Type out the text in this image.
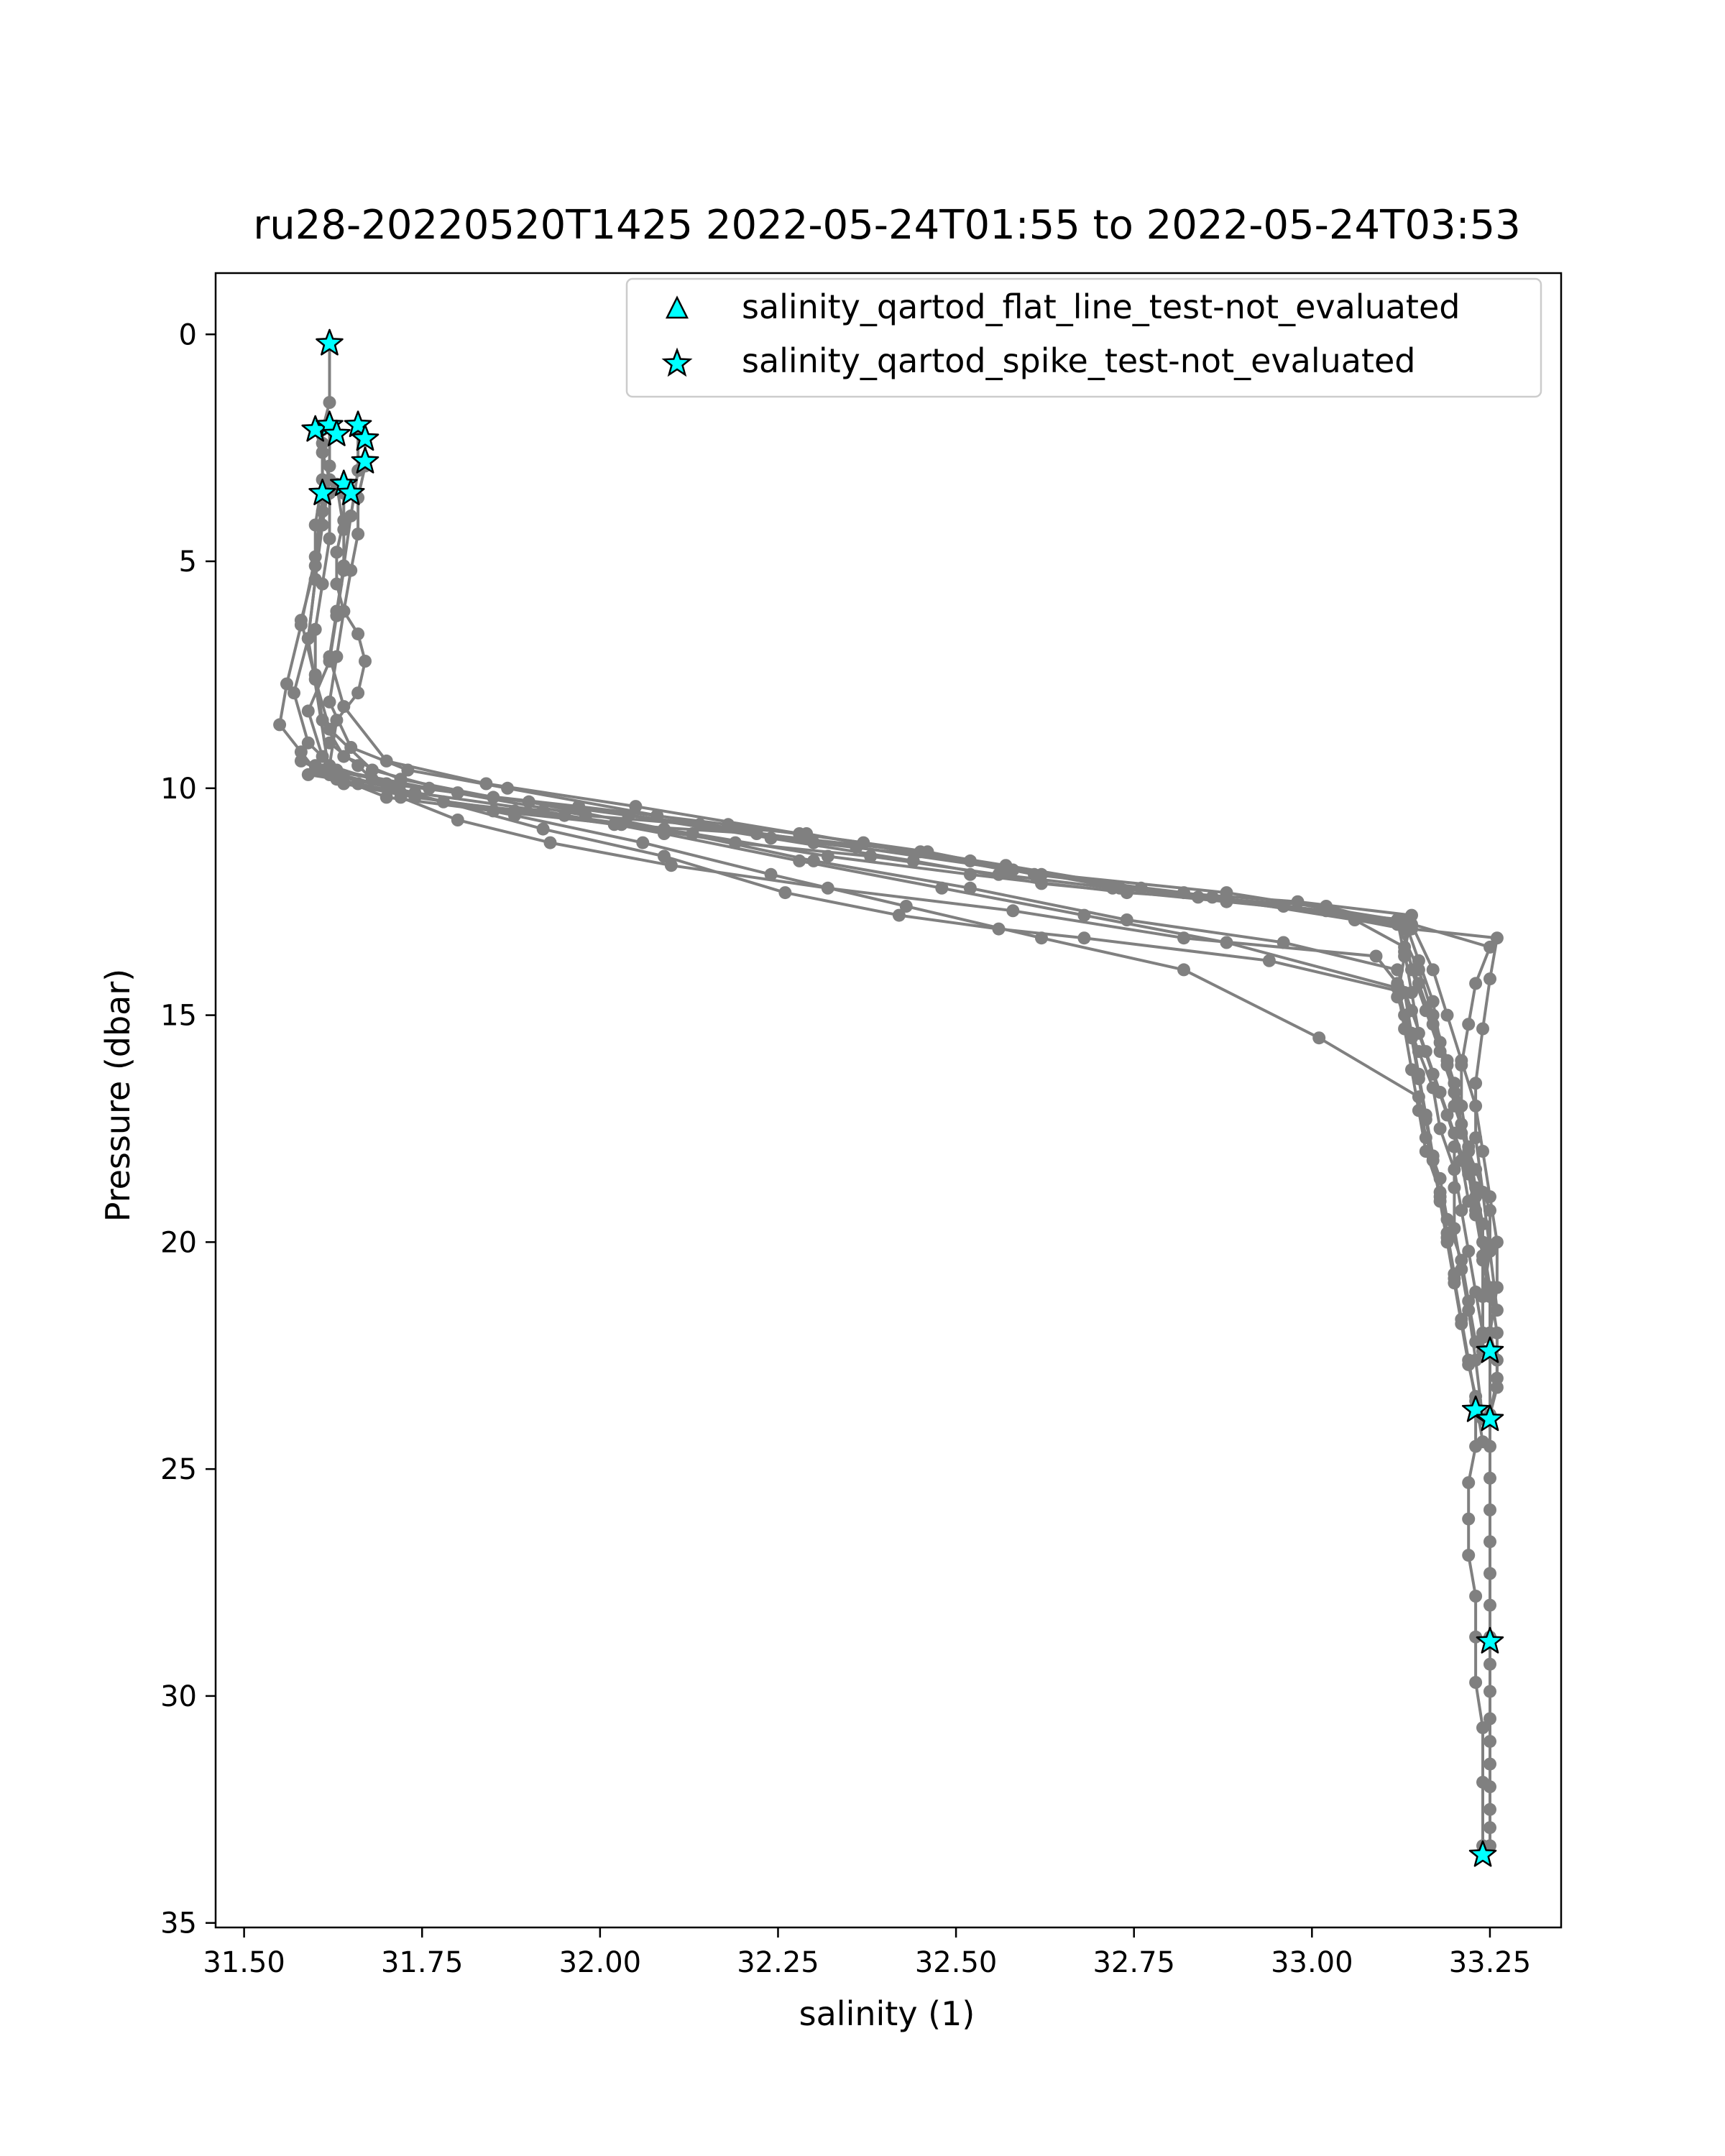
ru28-20220520T1425 2022-05-24T01:55 to 2022-05-24T03:53
31.50	31.75	32.00	32.25	32.50	32.75	33.00	33.25
0
5
10
15
20
25
30
35
salinity (1)
Pressure (dbar)
salinity_qartod_flat_line_test-not_evaluated
salinity_qartod_spike_test-not_evaluated
